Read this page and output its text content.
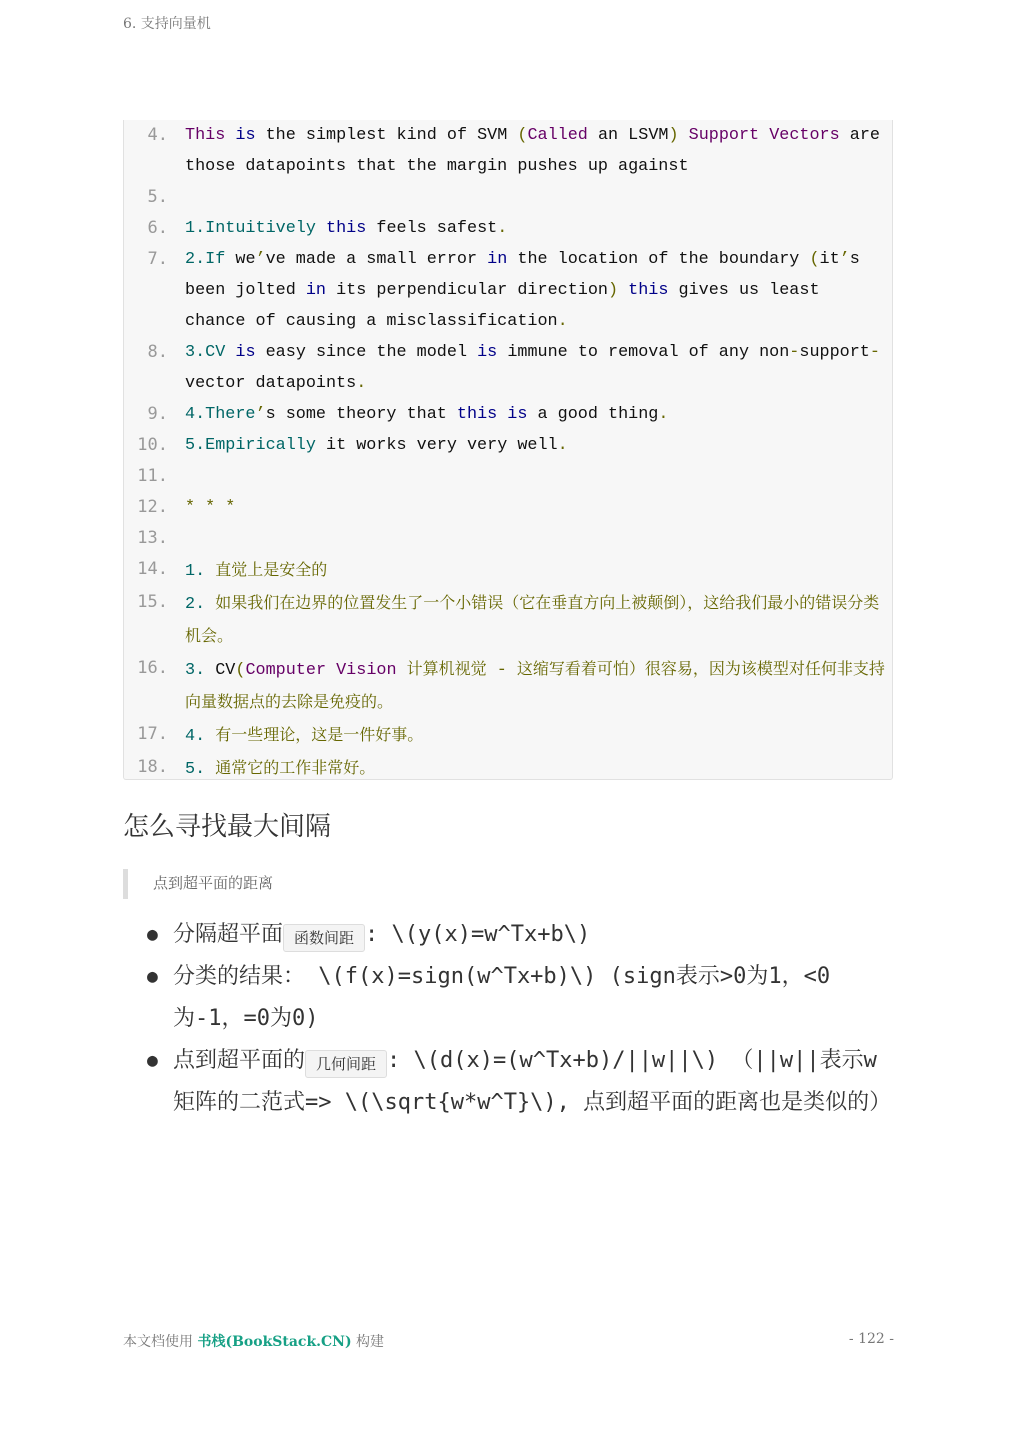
6. 支持向量机
4. This is the simplest kind of SVM (Called an LSVM) Support Vectors are those datapoints that the margin pushes up against
5.

6. 1.Intuitively this feels safest.
7. 2.If we’ve made a small error in the location of the boundary (it’s been jolted in its perpendicular direction) this gives us least chance of causing a misclassification.
8. 3.CV is easy since the model is immune to removal of any non-support-vector datapoints.
9. 4.There’s some theory that this is a good thing.
10. 5.Empirically it works very very well.
11.

12. * * *
13.

14. 1. 直觉上是安全的
15. 2. 如果我们在边界的位置发生了一个小错误（它在垂直方向上被颠倒），这给我们最小的错误分类机会。
16. 3. CV(Computer Vision 计算机视觉 - 这缩写看着可怕）很容易，因为该模型对任何非支持向量数据点的去除是免疫的。
17. 4. 有一些理论，这是一件好事。
18. 5. 通常它的工作非常好。
怎么寻找最大间隔
点到超平面的距离
● 分隔超平面 函数间距 : \(y(x)=w^Tx+b\)
● 分类的结果： \(f(x)=sign(w^Tx+b)\) (sign表示>0为1，<0为-1，=0为0)
● 点到超平面的 几何间距 : \(d(x)=(w^Tx+b)/||w||\) （||w||表示w矩阵的二范式=> \(\sqrt{w*w^T}\), 点到超平面的距离也是类似的）
本文档使用 书栈(BookStack.CN) 构建	- 122 -
